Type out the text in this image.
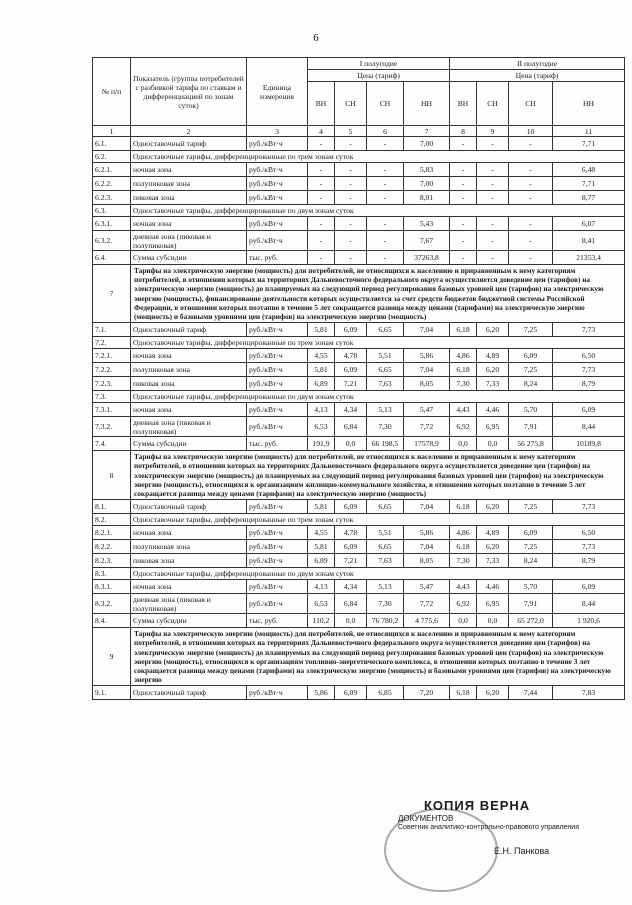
6
№ п/п	Показатель (группы потребителей с разбивкой тарифа по ставкам и дифференциацией по зонам суток)	Единица измерения	I полугодие				II полугодие			
			Цена (тариф)				Цена (тариф)			
			ВН	СН	СН	НН	ВН	СН	СН	НН
1	2	3	4	5	6	7	8	9	10	11
6.1.	Одноставочный тариф	руб./кВт·ч	-	-	-	7,00	-	-	-	7,71
6.2.	Одноставочные тарифы, дифференцированные по трем зонам суток									
6.2.1.	ночная зона	руб./кВт·ч	-	-	-	5,83	-	-	-	6,48
6.2.2.	полупиковая зона	руб./кВт·ч	-	-	-	7,00	-	-	-	7,71
6.2.3.	пиковая зона	руб./кВт·ч	-	-	-	8,01	-	-	-	8,77
6.3.	Одноставочные тарифы, дифференцированные по двум зонам суток									
6.3.1.	ночная зона	руб./кВт·ч	-	-	-	5,43	-	-	-	6,07
6.3.2.	дневная зона (пиковая и полупиковая)	руб./кВт·ч	-	-	-	7,67	-	-	-	8,41
6.4.	Сумма субсидии	тыс. руб.	-	-	-	37263,8	-	-	-	21353,4
7	Тарифы на электрическую энергию (мощность) для потребителей, не относящихся к населению и приравненным к нему категориям потребителей, в отношении которых на территориях Дальневосточного федерального округа осуществляется доведение цен (тарифов) на электрическую энергию (мощность) до планируемых на следующий период регулирования базовых уровней цен (тарифов) на электрическую энергию (мощность), финансирование деятельности которых осуществляется за счет средств бюджетов бюджетной системы Российской Федерации, в отношении которых поэтапно в течение 5 лет сокращается разница между ценами (тарифами) на электрическую энергию (мощность) и базовыми уровнями цен (тарифов) на электрическую энергию (мощность)									
7.1.	Одноставочный тариф	руб./кВт·ч	5,81	6,09	6,65	7,04	6,18	6,20	7,25	7,73
7.2.	Одноставочные тарифы, дифференцированные по трем зонам суток									
7.2.1.	ночная зона	руб./кВт·ч	4,55	4,78	5,51	5,86	4,86	4,89	6,09	6,50
7.2.2.	полупиковая зона	руб./кВт·ч	5,81	6,09	6,65	7,04	6,18	6,20	7,25	7,73
7.2.3.	пиковая зона	руб./кВт·ч	6,89	7,21	7,63	8,05	7,30	7,33	8,24	8,79
7.3.	Одноставочные тарифы, дифференцированные по двум зонам суток									
7.3.1.	ночная зона	руб./кВт·ч	4,13	4,34	5,13	5,47	4,43	4,46	5,70	6,09
7.3.2.	дневная зона (пиковая и полупиковая)	руб./кВт·ч	6,53	6,84	7,30	7,72	6,92	6,95	7,91	8,44
7.4.	Сумма субсидии	тыс. руб.	191,9	0,0	66 198,5	17578,9	0,0	0,0	56 275,8	10189,8
8	Тарифы на электрическую энергию (мощность) для потребителей, не относящихся к населению и приравненным к нему категориям потребителей, в отношении которых на территориях Дальневосточного федерального округа осуществляется доведение цен (тарифов) на электрическую энергию (мощность) до планируемых на следующий период регулирования базовых уровней цен (тарифов) на электрическую энергию (мощность), относящихся к организациям жилищно-коммунального хозяйства, в отношении которых поэтапно в течение 5 лет сокращается разница между ценами (тарифами) на электрическую энергию (мощность)									
8.1.	Одноставочный тариф	руб./кВт·ч	5,81	6,09	6,65	7,04	6,18	6,20	7,25	7,73
8.2.	Одноставочные тарифы, дифференцированные по трем зонам суток									
8.2.1.	ночная зона	руб./кВт·ч	4,55	4,78	5,51	5,86	4,86	4,89	6,09	6,50
8.2.2.	полупиковая зона	руб./кВт·ч	5,81	6,09	6,65	7,04	6,18	6,20	7,25	7,73
8.2.3.	пиковая зона	руб./кВт·ч	6,89	7,21	7,63	8,05	7,30	7,33	8,24	8,79
8.3.	Одноставочные тарифы, дифференцированные по двум зонам суток									
8.3.1.	ночная зона	руб./кВт·ч	4,13	4,34	5,13	5,47	4,43	4,46	5,70	6,09
8.3.2.	дневная зона (пиковая и полупиковая)	руб./кВт·ч	6,53	6,84	7,30	7,72	6,92	6,95	7,91	8,44
8.4.	Сумма субсидии	тыс. руб.	110,2	0,0	76 780,2	4 775,6	0,0	0,0	65 272,0	1 920,6
9	Тарифы на электрическую энергию (мощность) для потребителей, не относящихся к населению и приравненным к нему категориям потребителей, в отношении которых на территориях Дальневосточного федерального округа осуществляется доведение цен (тарифов) на электрическую энергию (мощность) до планируемых на следующий период регулирования базовых уровней цен (тарифов) на электрическую энергию (мощность), относящихся к организациям топливно-энергетического комплекса, в отношении которых поэтапно в течение 3 лет сокращается разница между ценами (тарифами) на электрическую энергию (мощность) и базовыми уровнями цен (тарифов) на электрическую энергию									
9.1.	Одноставочный тариф	руб./кВт·ч	5,86	6,09	6,85	7,20	6,18	6,20	7,44	7,83
КОПИЯ ВЕРНА
ДОКУМЕНТОВ
Советник аналитико-контрольно-правового управления
Е.Н. Панкова
